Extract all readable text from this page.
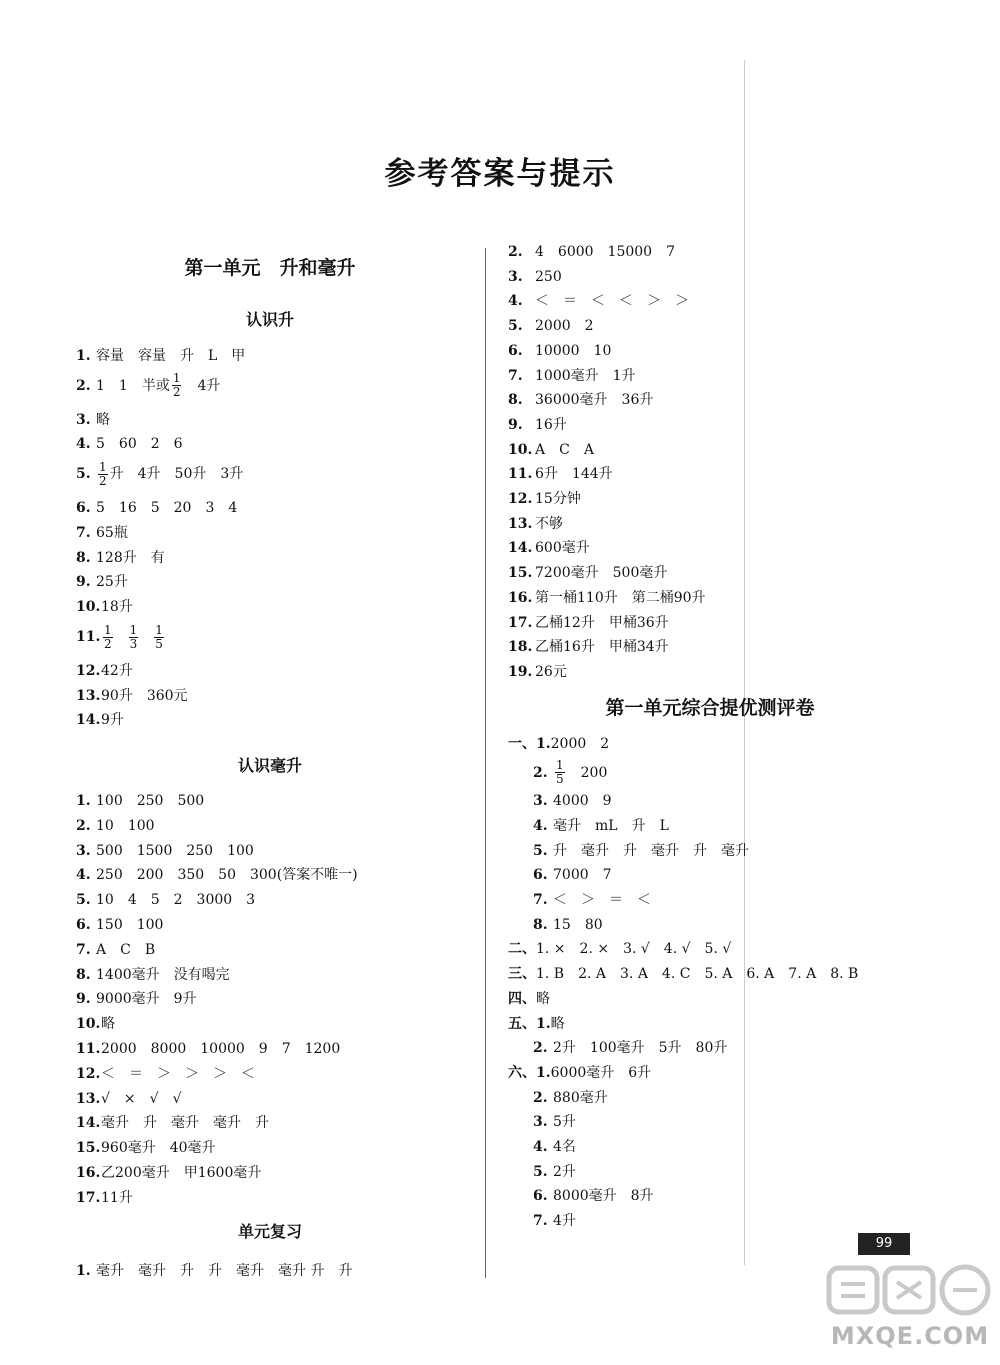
参考答案与提示
第一单元　升和毫升
认识升
1. 容量　容量　升　L　甲
2. 1　1　半或 $\frac{1}{2}$ 　4升
3. 略
4. 5　60　2　6
5. $\frac{1}{2}$ 升　4升　50升　3升
6. 5　16　5　20　3　4
7. 65瓶
8. 128升　有
9. 25升
10.18升
11. $\frac{1}{2} \frac{1}{3} \frac{1}{5}$
12.42升
13.90升　360元
14.9升
认识毫升
1. 100　250　500
2. 10　100
3. 500　1500　250　100
4. 250　200　350　50　300(答案不唯一)
5. 10　4　5　2　3000　3
6. 150　100
7. A　C　B
8. 1400毫升　没有喝完
9. 9000毫升　9升
10.略
11.2000　8000　10000　9　7　1200
12.＜　＝　＞　＞　＞　＜
13.√　×　√　√
14.毫升　升　毫升　毫升　升
15.960毫升　40毫升
16.乙200毫升　甲1600毫升
17.11升
单元复习
1. 毫升　毫升　升　升　毫升　毫升 升　升
2. 4　6000　15000　7
3. 250
4. ＜　＝　＜　＜　＞　＞
5. 2000　2
6. 10000　10
7. 1000毫升　1升
8. 36000毫升　36升
9. 16升
10. A　C　A
11. 6升　144升
12. 15分钟
13. 不够
14. 600毫升
15. 7200毫升　500毫升
16. 第一桶110升　第二桶90升
17. 乙桶12升　甲桶36升
18. 乙桶16升　甲桶34升
19. 26元
第一单元综合提优测评卷
一、1.2000　2
2. $\frac{1}{5}$ 　200
3. 4000　9
4. 毫升　mL　升　L
5. 升　毫升　升　毫升　升　毫升
6. 7000　7
7. ＜　＞　＝　＜
8. 15　80
二、1. ×　2. ×　3. √　4. √　5. √
三、1. B　2. A　3. A　4. C　5. A　6. A　7. A　8. B
四、略
五、1.略
2. 2升　100毫升　5升　80升
六、1.6000毫升　6升
2. 880毫升
3. 5升
4. 4名
5. 2升
6. 8000毫升　8升
7. 4升
99
MXQE.COM
